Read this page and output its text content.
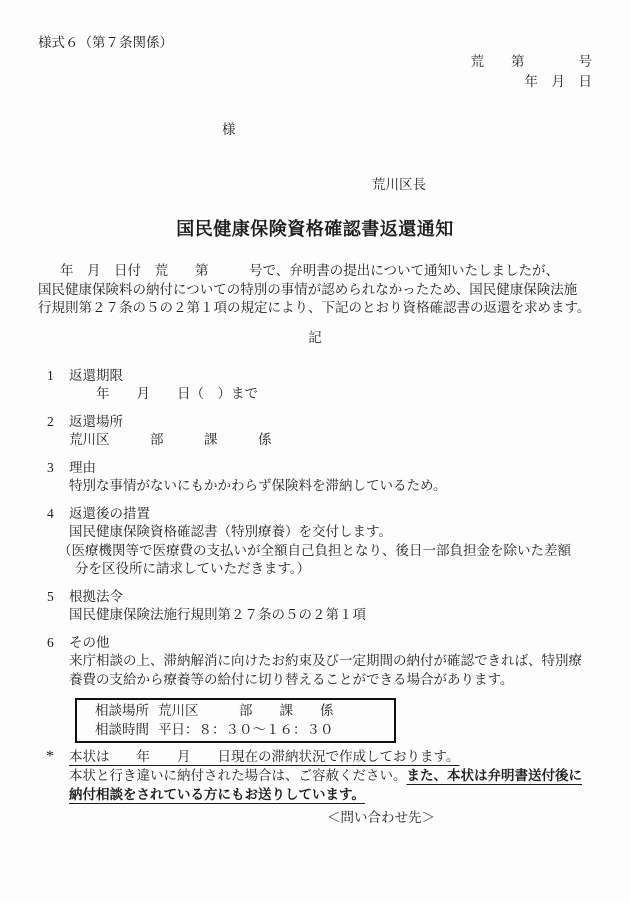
様式６（第７条関係）
荒　　第　　　　号
年　月　日
様
荒川区長
国民健康保険資格確認書返還通知
年　月　日付　荒　　第　　　号で、弁明書の提出について通知いたしましたが、
国民健康保険料の納付についての特別の事情が認められなかったため、国民健康保険法施
行規則第２７条の５の２第１項の規定により、下記のとおり資格確認書の返還を求めます。
記
1	返還期限
年　　月　　日（　）まで
2	返還場所
荒川区　　　部　　　課　　　係
3	理由
特別な事情がないにもかかわらず保険料を滞納しているため。
4	返還後の措置
国民健康保険資格確認書（特別療養）を交付します。
（医療機関等で医療費の支払いが全額自己負担となり、後日一部負担金を除いた差額
分を区役所に請求していただきます。）
5	根拠法令
国民健康保険法施行規則第２７条の５の２第１項
6	その他
来庁相談の上、滞納解消に向けたお約束及び一定期間の納付が確認できれば、特別療
養費の支給から療養等の給付に切り替えることができる場合があります。
相談場所 荒川区　　　部　　課　　係
相談時間 平日：８：３０～１６：３０
*	本状は　　年　　月　　日現在の滞納状況で作成しております。
本状と行き違いに納付された場合は、ご容赦ください。また、本状は弁明書送付後に
納付相談をされている方にもお送りしています。
＜問い合わせ先＞
